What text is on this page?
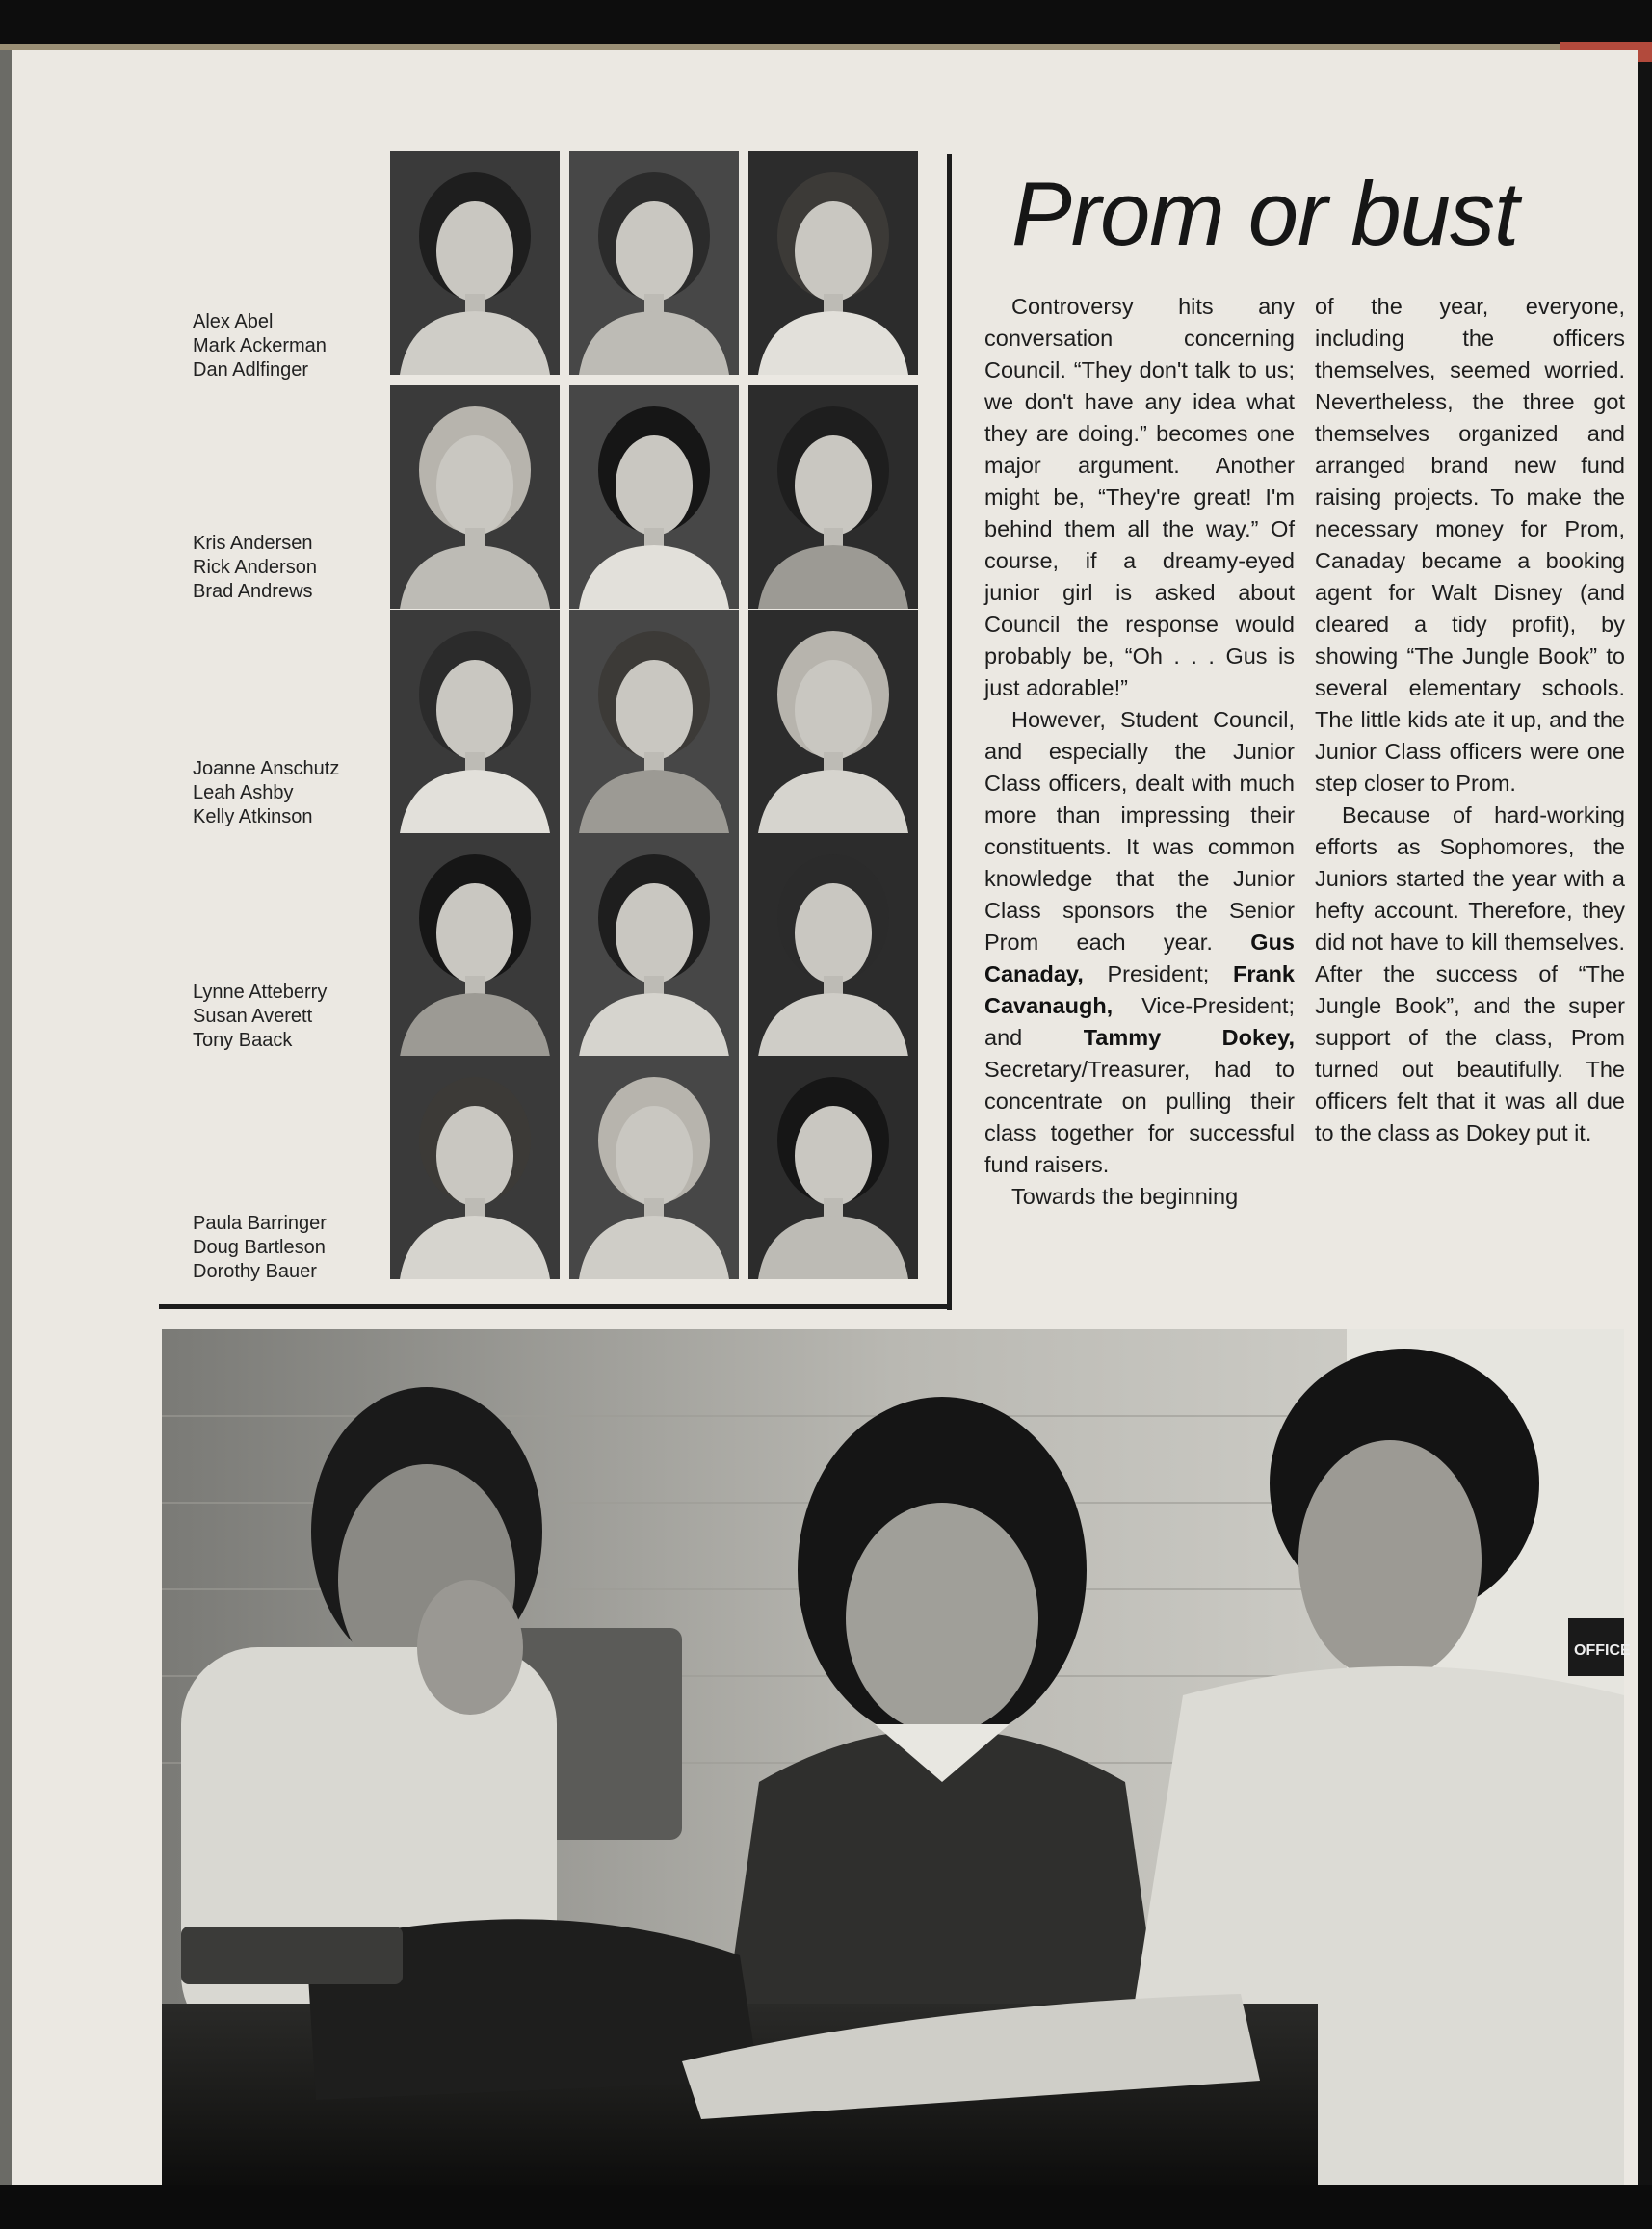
Alex Abel
Mark Ackerman
Dan Adlfinger
Kris Andersen
Rick Anderson
Brad Andrews
Joanne Anschutz
Leah Ashby
Kelly Atkinson
Lynne Atteberry
Susan Averett
Tony Baack
Paula Barringer
Doug Bartleson
Dorothy Bauer
Prom or bust

Controversy hits any conversation concerning Council. “They don't talk to us; we don't have any idea what they are doing.” becomes one major argument. Another might be, “They're great! I'm behind them all the way.” Of course, if a dreamy-eyed junior girl is asked about Council the response would probably be, “Oh . . . Gus is just adorable!”

However, Student Council, and especially the Junior Class officers, dealt with much more than impressing their constituents. It was common knowledge that the Junior Class sponsors the Senior Prom each year. Gus Canaday, President; Frank Cavanaugh, Vice-President; and	Tammy Dokey, Secretary/Treasurer, had to concentrate on pulling their class together for successful fund raisers.

Towards the beginning

of the year, everyone, including the officers themselves, seemed worried. Nevertheless, the three got themselves organized and arranged brand new fund raising projects. To make the necessary money for Prom, Canaday became a booking agent for Walt Disney (and cleared a tidy profit), by showing “The Jungle Book” to several elementary schools. The little kids ate it up, and the Junior Class officers were one step closer to Prom.

Because of hard-working efforts as Sophomores, the Juniors started the year with a hefty account. Therefore, they did not have to kill themselves. After the success of “The Jungle Book”, and the super support of the class, Prom turned out beautifully. The officers felt that it was all due to the class as Dokey put it.

OFFICE
